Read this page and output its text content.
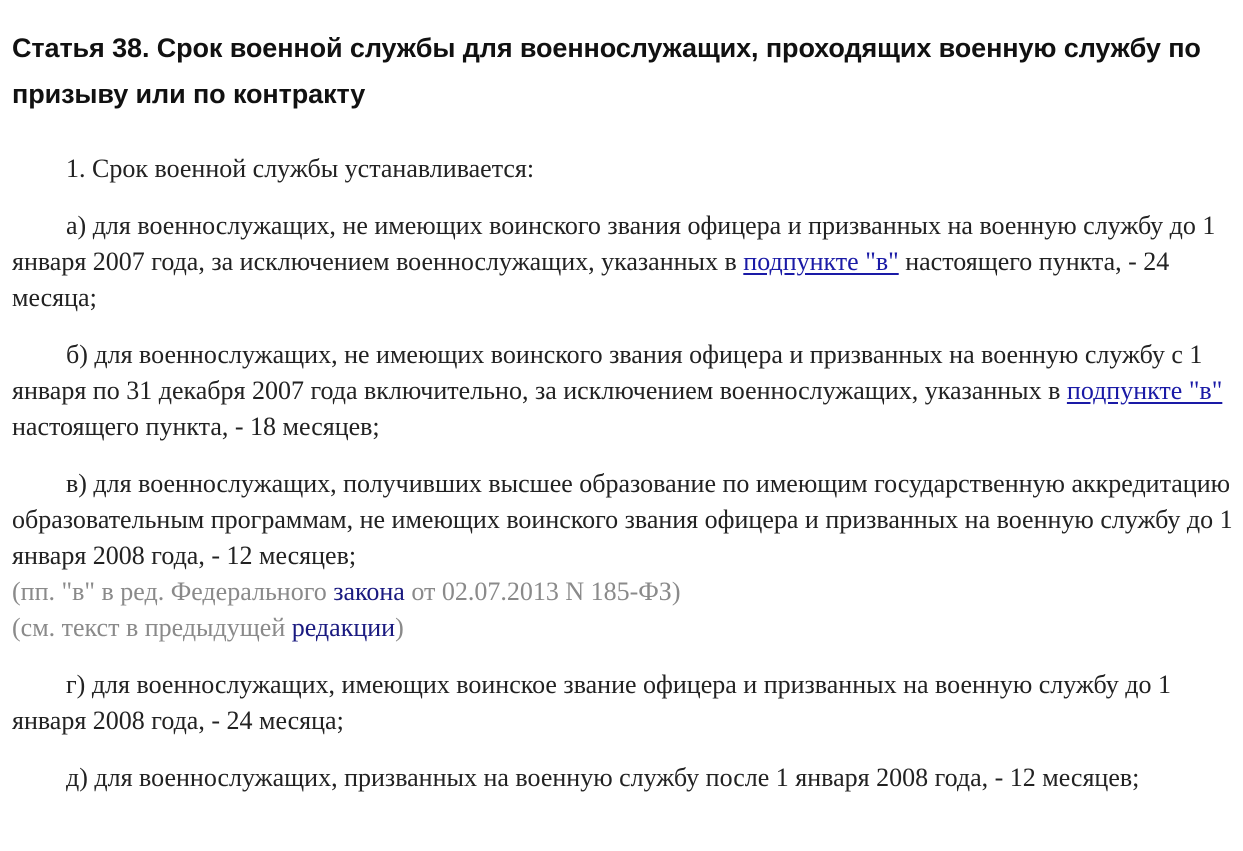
Статья 38. Срок военной службы для военнослужащих, проходящих военную службу по призыву или по контракту

1. Срок военной службы устанавливается:

а) для военнослужащих, не имеющих воинского звания офицера и призванных на военную службу до 1 января 2007 года, за исключением военнослужащих, указанных в подпункте "в" настоящего пункта, - 24 месяца;

б) для военнослужащих, не имеющих воинского звания офицера и призванных на военную службу с 1 января по 31 декабря 2007 года включительно, за исключением военнослужащих, указанных в подпункте "в" настоящего пункта, - 18 месяцев;

в) для военнослужащих, получивших высшее образование по имеющим государственную аккредитацию образовательным программам, не имеющих воинского звания офицера и призванных на военную службу до 1 января 2008 года, - 12 месяцев;

(пп. "в" в ред. Федерального закона от 02.07.2013 N 185-ФЗ)

(см. текст в предыдущей редакции)

г) для военнослужащих, имеющих воинское звание офицера и призванных на военную службу до 1 января 2008 года, - 24 месяца;

д) для военнослужащих, призванных на военную службу после 1 января 2008 года, - 12 месяцев;
